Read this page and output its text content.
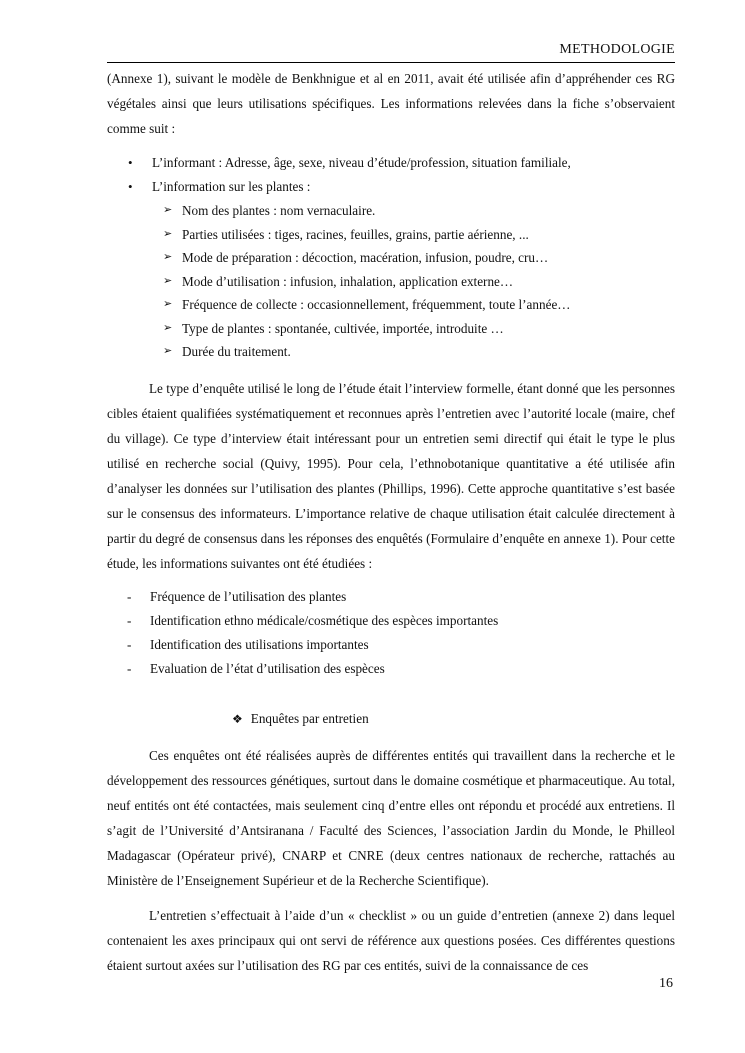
METHODOLOGIE

(Annexe 1), suivant le modèle de Benkhnigue et al en 2011, avait été utilisée afin d’appréhender ces RG végétales ainsi que leurs utilisations spécifiques. Les informations relevées dans la fiche s’observaient comme suit :

• L’informant : Adresse, âge, sexe, niveau d’étude/profession, situation familiale,
• L’information sur les plantes :
➢ Nom des plantes : nom vernaculaire.
➢ Parties utilisées : tiges, racines, feuilles, grains, partie aérienne, ...
➢ Mode de préparation : décoction, macération, infusion, poudre, cru…
➢ Mode d’utilisation : infusion, inhalation, application externe…
➢ Fréquence de collecte : occasionnellement, fréquemment, toute l’année…
➢ Type de plantes : spontanée, cultivée, importée, introduite …
➢ Durée du traitement.

Le type d’enquête utilisé le long de l’étude était l’interview formelle, étant donné que les personnes cibles étaient qualifiées systématiquement et reconnues après l’entretien avec l’autorité locale (maire, chef du village). Ce type d’interview était intéressant pour un entretien semi directif qui était le type le plus utilisé en recherche social (Quivy, 1995). Pour cela, l’ethnobotanique quantitative a été utilisée afin d’analyser les données sur l’utilisation des plantes (Phillips, 1996). Cette approche quantitative s’est basée sur le consensus des informateurs. L’importance relative de chaque utilisation était calculée directement à partir du degré de consensus dans les réponses des enquêtés (Formulaire d’enquête en annexe 1). Pour cette étude, les informations suivantes ont été étudiées :

- Fréquence de l’utilisation des plantes
- Identification ethno médicale/cosmétique des espèces importantes
- Identification des utilisations importantes
- Evaluation de l’état d’utilisation des espèces
❖ Enquêtes par entretien

Ces enquêtes ont été réalisées auprès de différentes entités qui travaillent dans la recherche et le développement des ressources génétiques, surtout dans le domaine cosmétique et pharmaceutique. Au total, neuf entités ont été contactées, mais seulement cinq d’entre elles ont répondu et procédé aux entretiens. Il s’agit de l’Université d’Antsiranana / Faculté des Sciences, l’association Jardin du Monde, le Philleol Madagascar (Opérateur privé), CNARP et CNRE (deux centres nationaux de recherche, rattachés au Ministère de l’Enseignement Supérieur et de la Recherche Scientifique).

L’entretien s’effectuait à l’aide d’un « checklist » ou un guide d’entretien (annexe 2) dans lequel contenaient les axes principaux qui ont servi de référence aux questions posées. Ces différentes questions étaient surtout axées sur l’utilisation des RG par ces entités, suivi de la connaissance de ces

16
